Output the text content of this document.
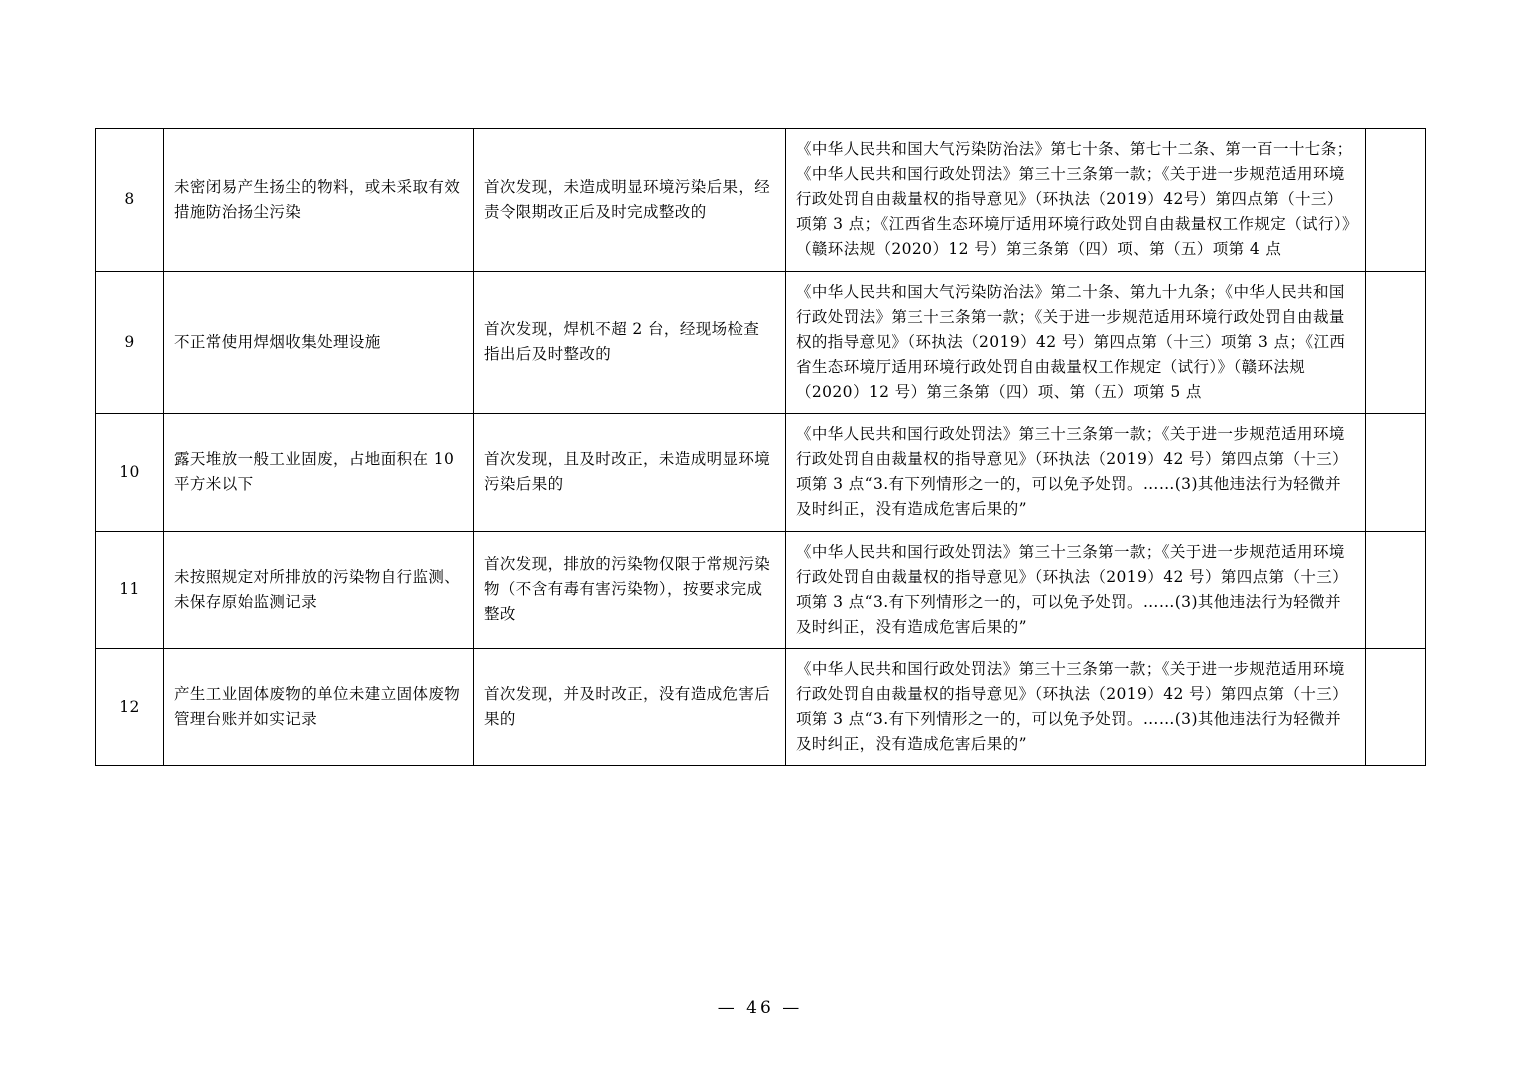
8	未密闭易产生扬尘的物料，或未采取有效措施防治扬尘污染	首次发现，未造成明显环境污染后果，经责令限期改正后及时完成整改的	《中华人民共和国大气污染防治法》第七十条、第七十二条、第一百一十七条；《中华人民共和国行政处罚法》第三十三条第一款；《关于进一步规范适用环境行政处罚自由裁量权的指导意见》（环执法（2019）42号）第四点第（十三）项第 3 点；《江西省生态环境厅适用环境行政处罚自由裁量权工作规定（试行）》（赣环法规（2020）12 号）第三条第（四）项、第（五）项第 4 点	
9	不正常使用焊烟收集处理设施	首次发现，焊机不超 2 台，经现场检查指出后及时整改的	《中华人民共和国大气污染防治法》第二十条、第九十九条；《中华人民共和国行政处罚法》第三十三条第一款；《关于进一步规范适用环境行政处罚自由裁量权的指导意见》（环执法（2019）42 号）第四点第（十三）项第 3 点；《江西省生态环境厅适用环境行政处罚自由裁量权工作规定（试行）》（赣环法规（2020）12 号）第三条第（四）项、第（五）项第 5 点	
10	露天堆放一般工业固废，占地面积在 10 平方米以下	首次发现，且及时改正，未造成明显环境污染后果的	《中华人民共和国行政处罚法》第三十三条第一款；《关于进一步规范适用环境行政处罚自由裁量权的指导意见》（环执法（2019）42 号）第四点第（十三）项第 3 点“3.有下列情形之一的，可以免予处罚。……(3)其他违法行为轻微并及时纠正，没有造成危害后果的”	
11	未按照规定对所排放的污染物自行监测、未保存原始监测记录	首次发现，排放的污染物仅限于常规污染物（不含有毒有害污染物），按要求完成整改	《中华人民共和国行政处罚法》第三十三条第一款；《关于进一步规范适用环境行政处罚自由裁量权的指导意见》（环执法（2019）42 号）第四点第（十三）项第 3 点“3.有下列情形之一的，可以免予处罚。……(3)其他违法行为轻微并及时纠正，没有造成危害后果的”	
12	产生工业固体废物的单位未建立固体废物管理台账并如实记录	首次发现，并及时改正，没有造成危害后果的	《中华人民共和国行政处罚法》第三十三条第一款；《关于进一步规范适用环境行政处罚自由裁量权的指导意见》（环执法（2019）42 号）第四点第（十三）项第 3 点“3.有下列情形之一的，可以免予处罚。……(3)其他违法行为轻微并及时纠正，没有造成危害后果的”	
— 46 —
